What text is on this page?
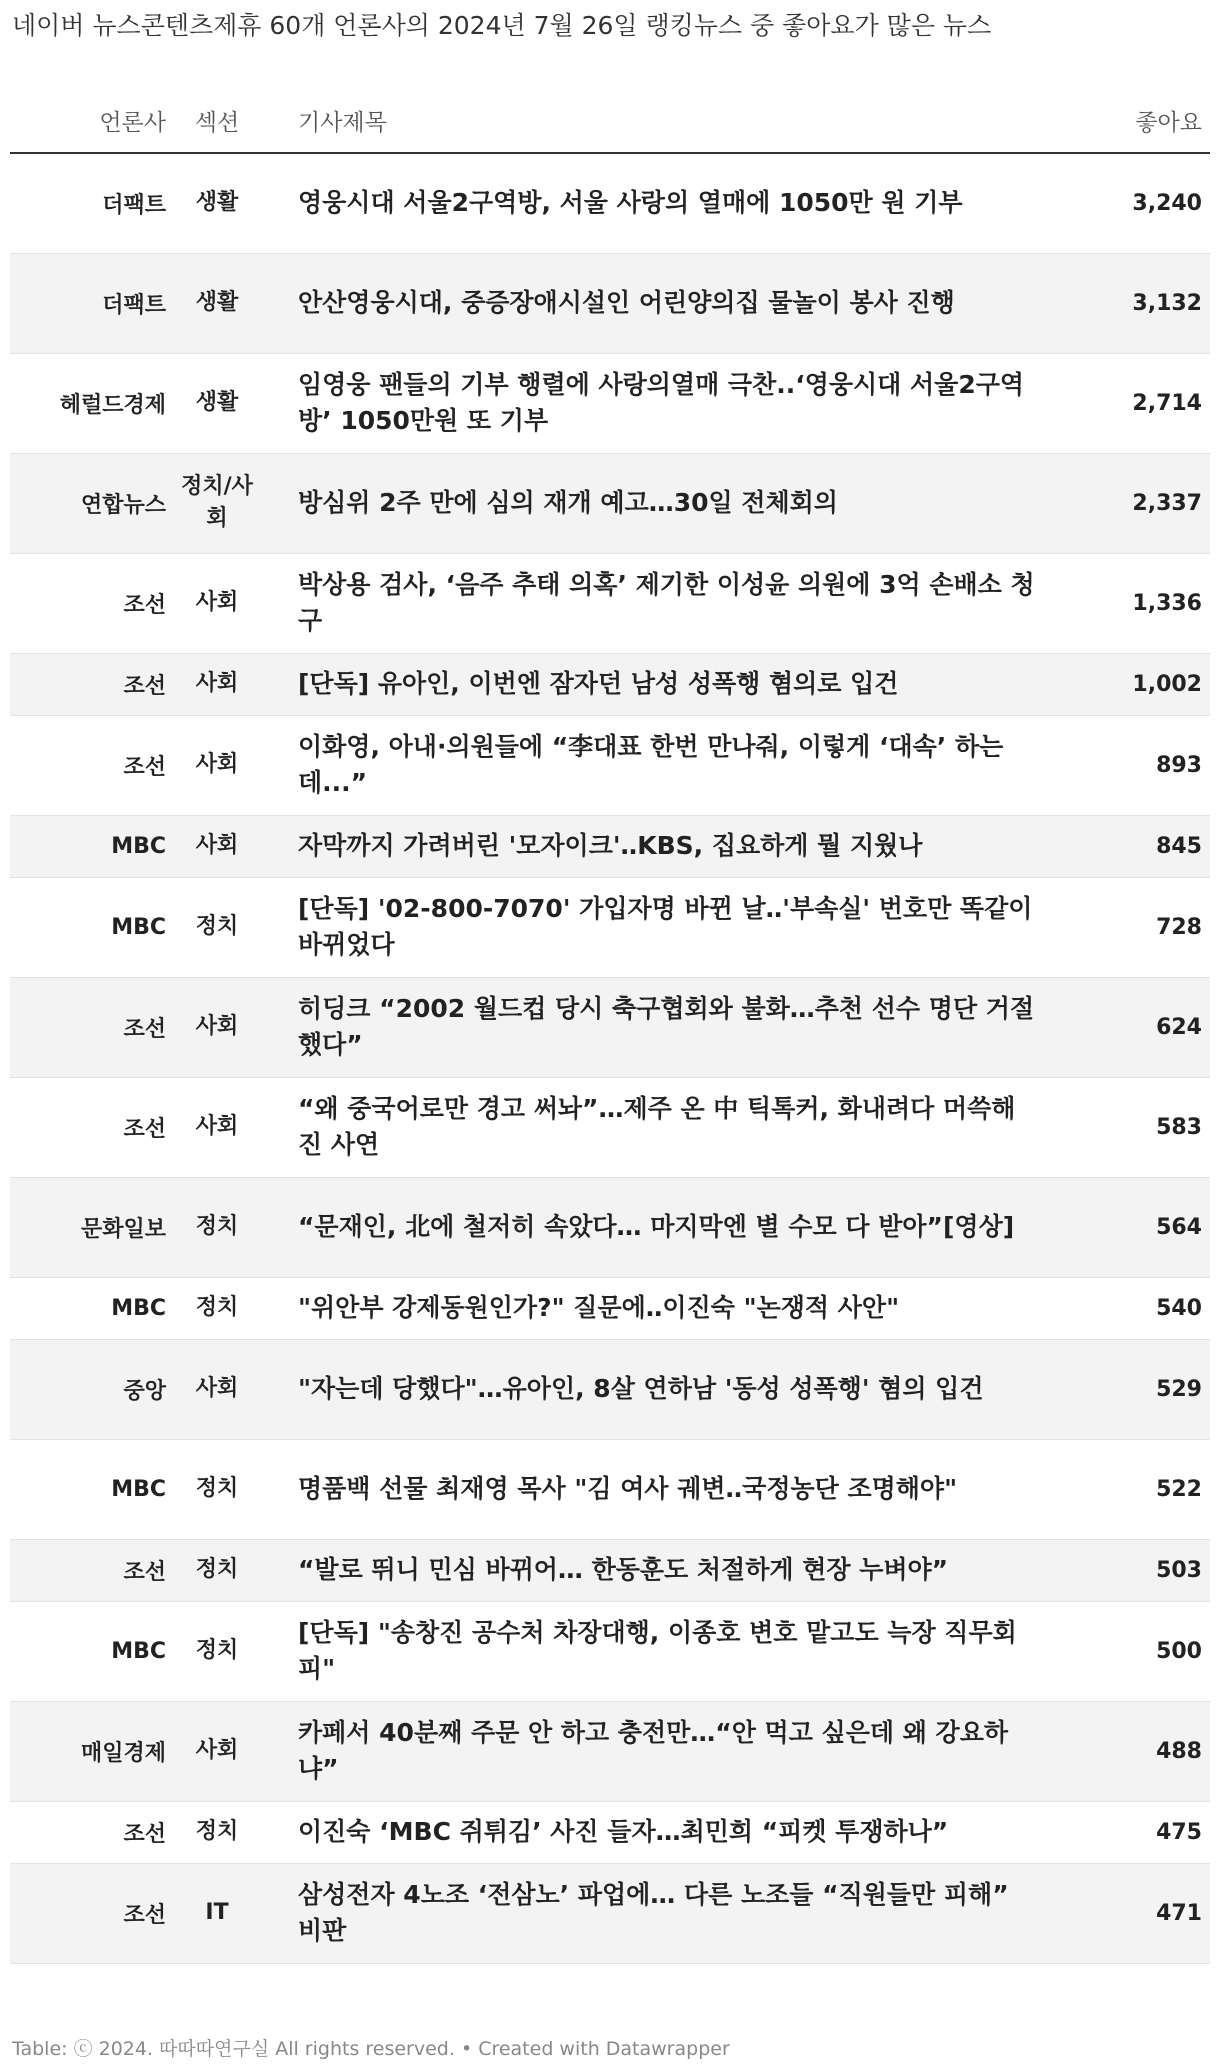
네이버 뉴스콘텐츠제휴 60개 언론사의 2024년 7월 26일 랭킹뉴스 중 좋아요가 많은 뉴스
언론사	섹션	기사제목	좋아요
더팩트	생활	영웅시대 서울2구역방, 서울 사랑의 열매에 1050만 원 기부	3,240
더팩트	생활	안산영웅시대, 중증장애시설인 어린양의집 물놀이 봉사 진행	3,132
헤럴드경제	생활	임영웅 팬들의 기부 행렬에 사랑의열매 극찬..‘영웅시대 서울2구역방’ 1050만원 또 기부	2,714
연합뉴스	정치/사회	방심위 2주 만에 심의 재개 예고…30일 전체회의	2,337
조선	사회	박상용 검사, ‘음주 추태 의혹’ 제기한 이성윤 의원에 3억 손배소 청구	1,336
조선	사회	[단독] 유아인, 이번엔 잠자던 남성 성폭행 혐의로 입건	1,002
조선	사회	이화영, 아내·의원들에 “李대표 한번 만나줘, 이렇게 ‘대속’ 하는데...”	893
MBC	사회	자막까지 가려버린 '모자이크'‥KBS, 집요하게 뭘 지웠나	845
MBC	정치	[단독] '02-800-7070' 가입자명 바뀐 날‥'부속실' 번호만 똑같이 바뀌었다	728
조선	사회	히딩크 “2002 월드컵 당시 축구협회와 불화…추천 선수 명단 거절했다”	624
조선	사회	“왜 중국어로만 경고 써놔”…제주 온 中 틱톡커, 화내려다 머쓱해진 사연	583
문화일보	정치	“문재인, 北에 철저히 속았다… 마지막엔 별 수모 다 받아”[영상]	564
MBC	정치	"위안부 강제동원인가?" 질문에‥이진숙 "논쟁적 사안"	540
중앙	사회	"자는데 당했다"…유아인, 8살 연하남 '동성 성폭행' 혐의 입건	529
MBC	정치	명품백 선물 최재영 목사 "김 여사 궤변‥국정농단 조명해야"	522
조선	정치	“발로 뛰니 민심 바뀌어… 한동훈도 처절하게 현장 누벼야”	503
MBC	정치	[단독] "송창진 공수처 차장대행, 이종호 변호 맡고도 늑장 직무회피"	500
매일경제	사회	카페서 40분째 주문 안 하고 충전만…“안 먹고 싶은데 왜 강요하냐”	488
조선	정치	이진숙 ‘MBC 쥐튀김’ 사진 들자…최민희 “피켓 투쟁하나”	475
조선	IT	삼성전자 4노조 ‘전삼노’ 파업에… 다른 노조들 “직원들만 피해” 비판	471
Table: ⓒ 2024. 따따따연구실 All rights reserved. • Created with Datawrapper
